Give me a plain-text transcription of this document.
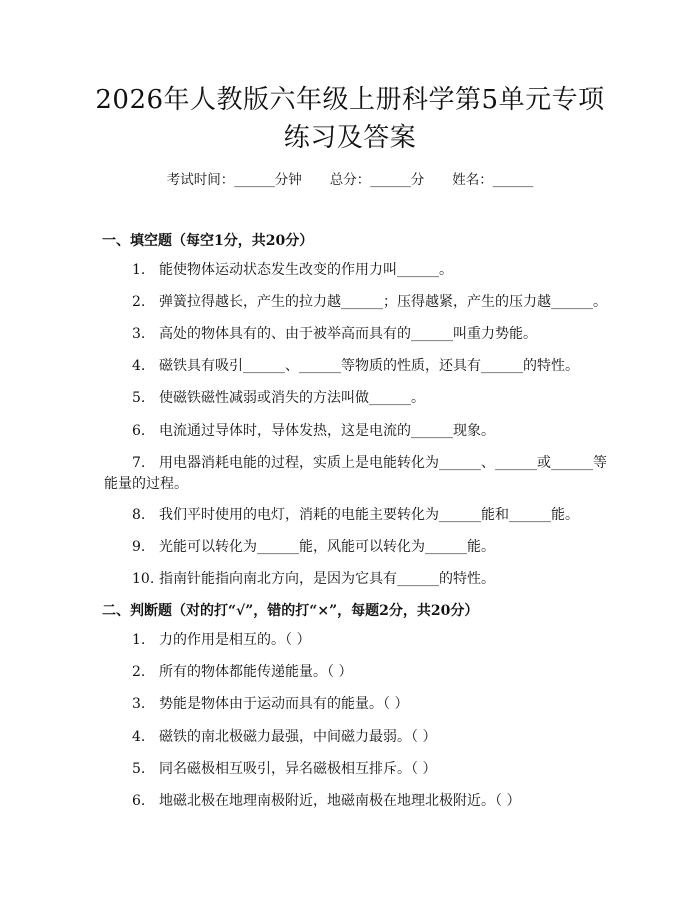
2026年人教版六年级上册科学第5单元专项
练习及答案
考试时间：______分钟 总分：______分 姓名：______
一、填空题（每空1分，共20分）
1. 能使物体运动状态发生改变的作用力叫______。
2. 弹簧拉得越长，产生的拉力越______；压得越紧，产生的压力越______。
3. 高处的物体具有的、由于被举高而具有的______叫重力势能。
4. 磁铁具有吸引______、______等物质的性质，还具有______的特性。
5. 使磁铁磁性减弱或消失的方法叫做______。
6. 电流通过导体时，导体发热，这是电流的______现象。
7. 用电器消耗电能的过程，实质上是电能转化为______、______或______等
能量的过程。
8. 我们平时使用的电灯，消耗的电能主要转化为______能和______能。
9. 光能可以转化为______能，风能可以转化为______能。
10. 指南针能指向南北方向，是因为它具有______的特性。
二、判断题（对的打“√”，错的打“×”，每题2分，共20分）
1. 力的作用是相互的。（ ）
2. 所有的物体都能传递能量。（ ）
3. 势能是物体由于运动而具有的能量。（ ）
4. 磁铁的南北极磁力最强，中间磁力最弱。（ ）
5. 同名磁极相互吸引，异名磁极相互排斥。（ ）
6. 地磁北极在地理南极附近，地磁南极在地理北极附近。（ ）
